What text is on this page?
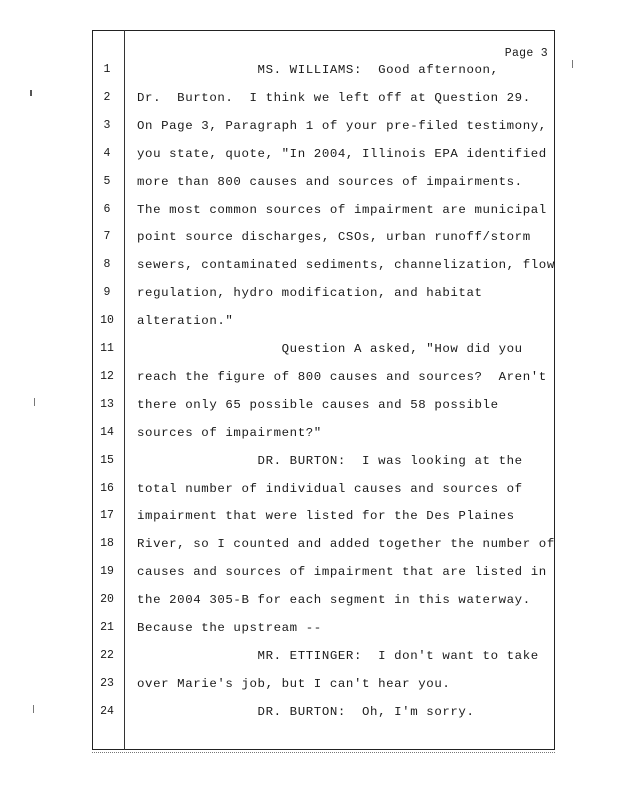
Page 3
1	MS. WILLIAMS:  Good afternoon,
2	Dr.  Burton.  I think we left off at Question 29.
3	On Page 3, Paragraph 1 of your pre-filed testimony,
4	you state, quote, "In 2004, Illinois EPA identified
5	more than 800 causes and sources of impairments.
6	The most common sources of impairment are municipal
7	point source discharges, CSOs, urban runoff/storm
8	sewers, contaminated sediments, channelization, flow
9	regulation, hydro modification, and habitat
10	alteration."
11	Question A asked, "How did you
12	reach the figure of 800 causes and sources?  Aren't
13	there only 65 possible causes and 58 possible
14	sources of impairment?"
15	DR. BURTON:  I was looking at the
16	total number of individual causes and sources of
17	impairment that were listed for the Des Plaines
18	River, so I counted and added together the number of
19	causes and sources of impairment that are listed in
20	the 2004 305-B for each segment in this waterway.
21	Because the upstream --
22	MR. ETTINGER:  I don't want to take
23	over Marie's job, but I can't hear you.
24	DR. BURTON:  Oh, I'm sorry.
